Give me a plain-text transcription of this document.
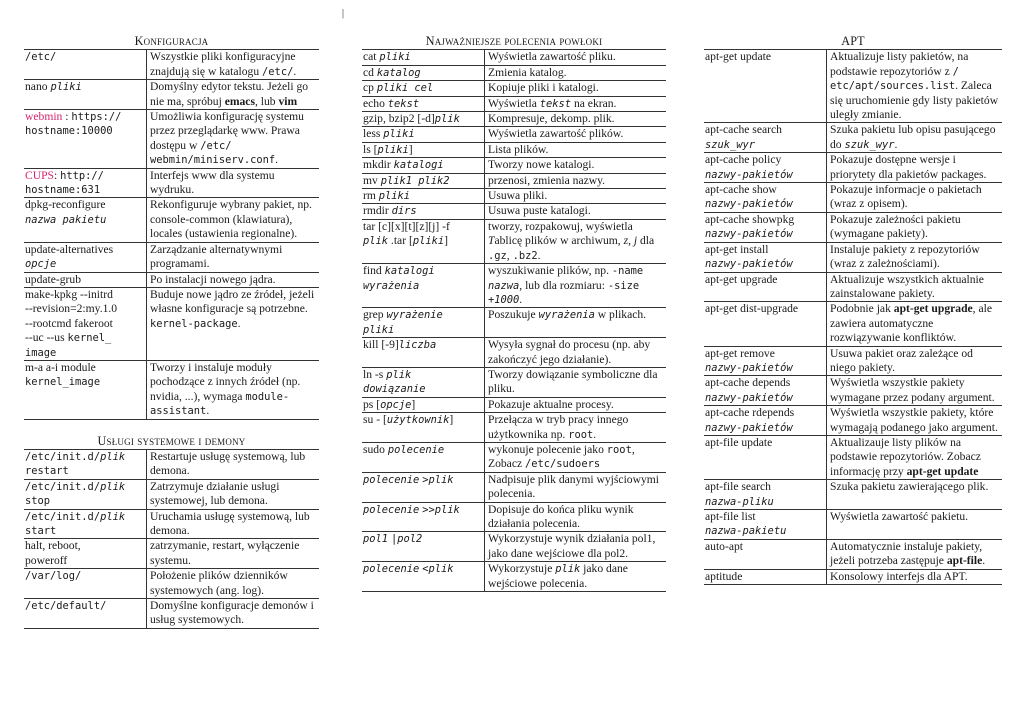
|
Konfiguracja
/etc/	Wszystkie pliki konfiguracyjne znajdują się w katalogu /etc/.
nano pliki	Domyślny edytor tekstu. Jeżeli go nie ma, spróbuj emacs, lub vim
webmin : https://
hostname:10000	Umożliwia konfigurację systemu przez przeglądarkę www. Prawa dostępu w /etc/
webmin/miniserv.conf.
CUPS: http://
hostname:631	Interfejs www dla systemu wydruku.
dpkg-reconfigure
nazwa pakietu	Rekonfiguruje wybrany pakiet, np. console-common (klawiatura), locales (ustawienia regionalne).
update-alternatives
opcje	Zarządzanie alternatywnymi programami.
update-grub	Po instalacji nowego jądra.
make-kpkg --initrd
--revision=2:my.1.0
--rootcmd fakeroot
--uc --us kernel_
image	Buduje nowe jądro ze źródeł, jeżeli własne konfiguracje są potrzebne. kernel-package.
m-a a-i module
kernel_image	Tworzy i instaluje moduły pochodzące z innych źródeł (np. nvidia, ...), wymaga module-assistant.
Usługi systemowe i demony
/etc/init.d/plik
restart	Restartuje usługę systemową, lub demona.
/etc/init.d/plik
stop	Zatrzymuje działanie usługi systemowej, lub demona.
/etc/init.d/plik
start	Uruchamia usługę systemową, lub demona.
halt, reboot,
poweroff	zatrzymanie, restart, wyłączenie systemu.
/var/log/	Położenie plików dzienników systemowych (ang. log).
/etc/default/	Domyślne konfiguracje demonów i usług systemowych.
Najważniejsze polecenia powłoki
cat pliki	Wyświetla zawartość pliku.
cd katalog	Zmienia katalog.
cp pliki cel	Kopiuje pliki i katalogi.
echo tekst	Wyświetla tekst na ekran.
gzip, bzip2 [-d]plik	Kompresuje, dekomp. plik.
less pliki	Wyświetla zawartość plików.
ls [pliki]	Lista plików.
mkdir katalogi	Tworzy nowe katalogi.
mv plik1 plik2	przenosi, zmienia nazwy.
rm pliki	Usuwa pliki.
rmdir dirs	Usuwa puste katalogi.
tar [c][x][t][z][j] -f
plik .tar [pliki]	tworzy, rozpakowuj, wyświetla Tablicę plików w archiwum, z, j dla .gz, .bz2.
find katalogi
wyrażenia	wyszukiwanie plików, np. -name nazwa, lub dla rozmiaru: -size +1000.
grep wyrażenie
pliki	Poszukuje wyrażenia w plikach.
kill [-9]liczba	Wysyła sygnał do procesu (np. aby zakończyć jego działanie).
ln -s plik
dowiązanie	Tworzy dowiązanie symboliczne dla pliku.
ps [opcje]	Pokazuje aktualne procesy.
su - [użytkownik]	Przełącza w tryb pracy innego użytkownika np. root.
sudo polecenie	wykonuje polecenie jako root, Zobacz /etc/sudoers
polecenie >plik	Nadpisuje plik danymi wyjściowymi polecenia.
polecenie >>plik	Dopisuje do końca pliku wynik działania polecenia.
pol1 |pol2	Wykorzystuje wynik działania pol1, jako dane wejściowe dla pol2.
polecenie <plik	Wykorzystuje plik jako dane wejściowe polecenia.
APT
apt-get update	Aktualizuje listy pakietów, na podstawie repozytoriów z /
etc/apt/sources.list. Zaleca się uruchomienie gdy listy pakietów uległy zmianie.
apt-cache search
szuk_wyr	Szuka pakietu lub opisu pasującego do szuk_wyr.
apt-cache policy
nazwy-pakietów	Pokazuje dostępne wersje i priorytety dla pakietów packages.
apt-cache show
nazwy-pakietów	Pokazuje informacje o pakietach (wraz z opisem).
apt-cache showpkg
nazwy-pakietów	Pokazuje zależności pakietu (wymagane pakiety).
apt-get install
nazwy-pakietów	Instaluje pakiety z repozytoriów (wraz z zależnościami).
apt-get upgrade	Aktualizuje wszystkich aktualnie zainstalowane pakiety.
apt-get dist-upgrade	Podobnie jak apt-get upgrade, ale zawiera automatyczne rozwiązywanie konfliktów.
apt-get remove
nazwy-pakietów	Usuwa pakiet oraz zależące od niego pakiety.
apt-cache depends
nazwy-pakietów	Wyświetla wszystkie pakiety wymagane przez podany argument.
apt-cache rdepends
nazwy-pakietów	Wyświetla wszystkie pakiety, które wymagają podanego jako argument.
apt-file update	Aktualizauje listy plików na podstawie repozytoriów. Zobacz informację przy apt-get update
apt-file search
nazwa-pliku	Szuka pakietu zawierającego plik.
apt-file list
nazwa-pakietu	Wyświetla zawartość pakietu.
auto-apt	Automatycznie instaluje pakiety, jeżeli potrzeba zastępuje apt-file.
aptitude	Konsolowy interfejs dla APT.
